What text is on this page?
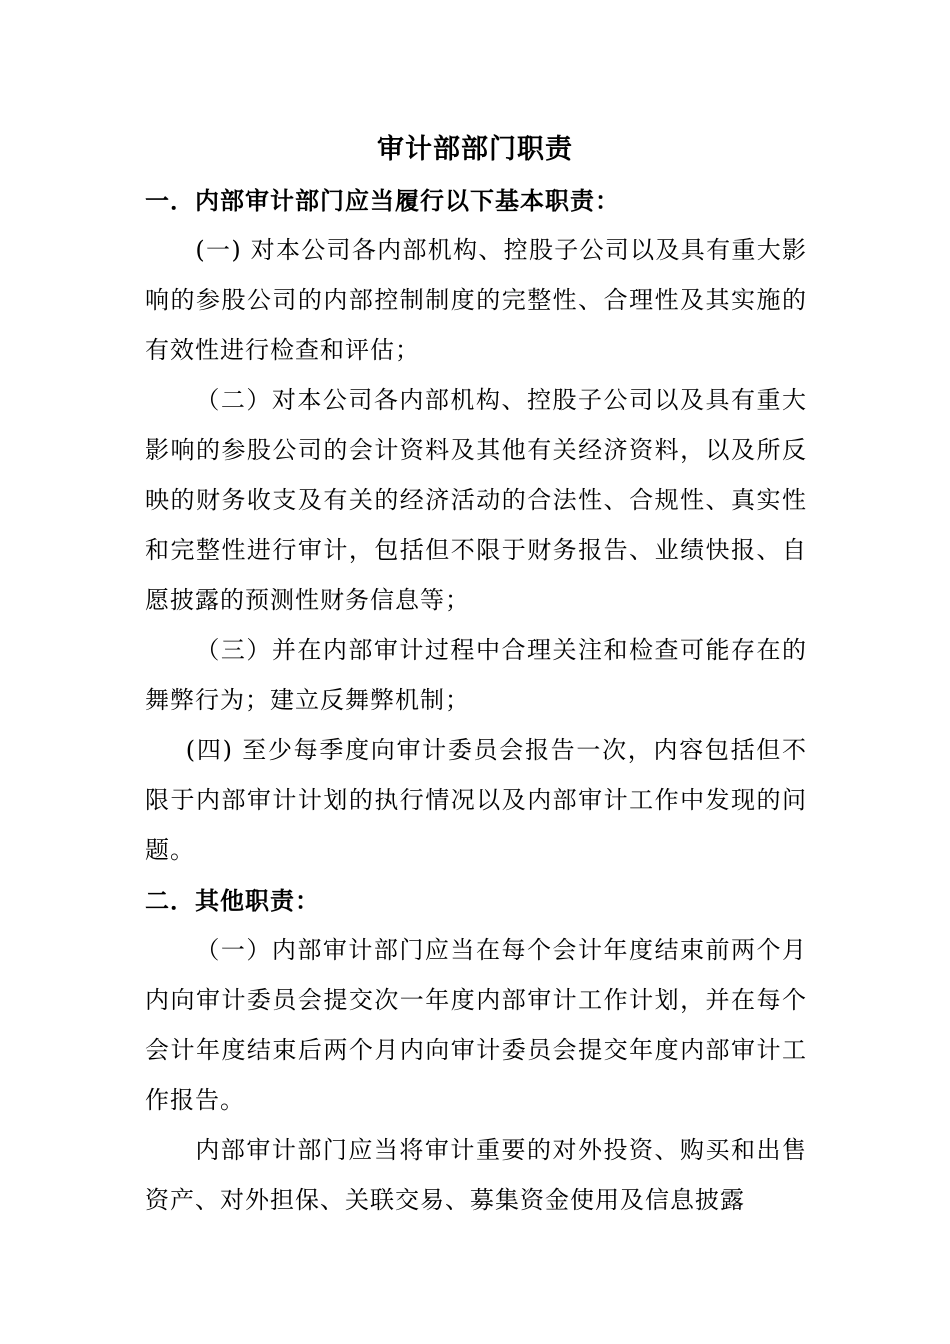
审计部部门职责

一．内部审计部门应当履行以下基本职责：

(一) 对本公司各内部机构、控股子公司以及具有重大影响的参股公司的内部控制制度的完整性、合理性及其实施的有效性进行检查和评估；

（二）对本公司各内部机构、控股子公司以及具有重大影响的参股公司的会计资料及其他有关经济资料，以及所反映的财务收支及有关的经济活动的合法性、合规性、真实性和完整性进行审计，包括但不限于财务报告、业绩快报、自愿披露的预测性财务信息等；

（三）并在内部审计过程中合理关注和检查可能存在的舞弊行为；建立反舞弊机制；

(四) 至少每季度向审计委员会报告一次，内容包括但不限于内部审计计划的执行情况以及内部审计工作中发现的问题。

二．其他职责：

（一）内部审计部门应当在每个会计年度结束前两个月内向审计委员会提交次一年度内部审计工作计划，并在每个会计年度结束后两个月内向审计委员会提交年度内部审计工作报告。

内部审计部门应当将审计重要的对外投资、购买和出售资产、对外担保、关联交易、募集资金使用及信息披露
